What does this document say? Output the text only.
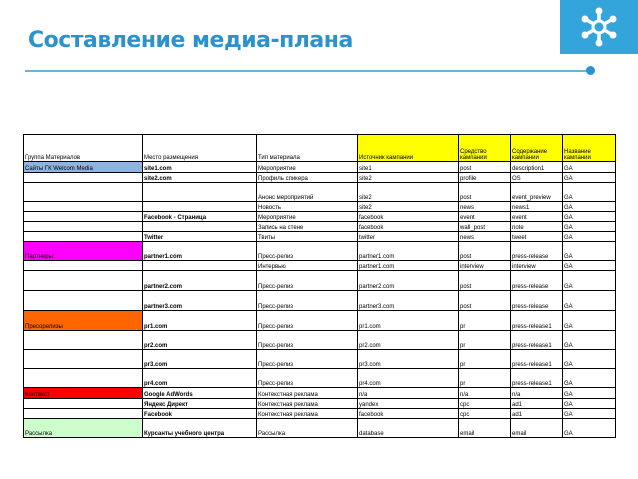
Составление медиа-плана
Группа Материалов	Место размещения	Тип материала	Источник кампании	Средство кампании	Содержание кампании	Название кампании
Сайты ГК Welcom Media	site1.com	Мероприятие	site1	post	description1	GA
	site2.com	Профиль спикера	site2	profile	OS	GA
		Анонс мероприятий	site2	post	event_preview	GA
		Новость	site2	news	news1	GA
	Facebook - Страница	Мероприятие	facebook	event	event	GA
		Запись на стене	facebook	wall_post	note	GA
	Twitter	Твиты	twitter	news	tweet	GA
Партнеры	partner1.com	Пресс-релиз	partner1.com	post	press-release	GA
		Интервью	partner1.com	interview	interview	GA
	partner2.com	Пресс-релиз	partner2.com	post	press-release	GA
	partner3.com	Пресс-релиз	partner3.com	post	press-release	GA
Пресорелизы	pr1.com	Пресс-релиз	pr1.com	pr	press-release1	GA
	pr2.com	Пресс-релиз	pr2.com	pr	press-release1	GA
	pr3.com	Пресс-релиз	pr3.com	pr	press-release1	GA
	pr4.com	Пресс-релиз	pr4.com	pr	press-release1	GA
Контекст	Google AdWords	Контекстная реклама	n/a	n/a	n/a	GA
	Яндекс Директ	Контекстная реклама	yandex	cpc	ad1	GA
	Facebook	Контекстная реклама	facebook	cpc	ad1	GA
Рассылка	Курсанты учебного центра	Рассылка	database	email	email	GA
